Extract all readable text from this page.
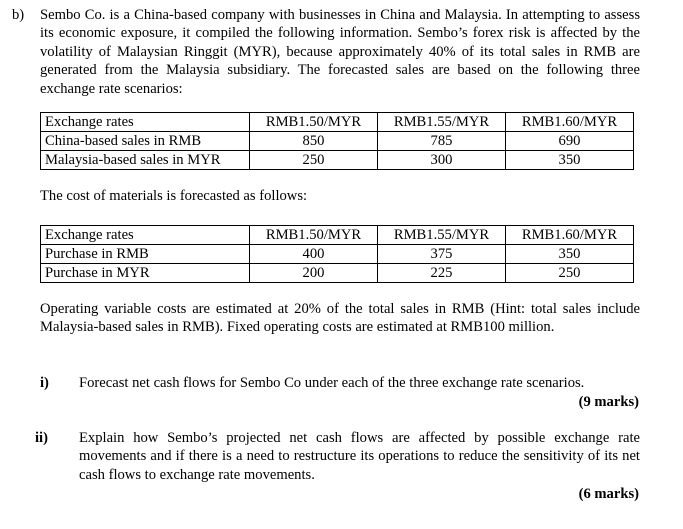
b) Sembo Co. is a China-based company with businesses in China and Malaysia. In attempting to assess its economic exposure, it compiled the following information. Sembo’s forex risk is affected by the volatility of Malaysian Ringgit (MYR), because approximately 40% of its total sales in RMB are generated from the Malaysia subsidiary. The forecasted sales are based on the following three exchange rate scenarios:
Exchange rates	RMB1.50/MYR	RMB1.55/MYR	RMB1.60/MYR
China-based sales in RMB	850	785	690
Malaysia-based sales in MYR	250	300	350
The cost of materials is forecasted as follows:
Exchange rates	RMB1.50/MYR	RMB1.55/MYR	RMB1.60/MYR
Purchase in RMB	400	375	350
Purchase in MYR	200	225	250
Operating variable costs are estimated at 20% of the total sales in RMB (Hint: total sales include Malaysia-based sales in RMB). Fixed operating costs are estimated at RMB100 million.
i) Forecast net cash flows for Sembo Co under each of the three exchange rate scenarios.
(9 marks)
ii) Explain how Sembo’s projected net cash flows are affected by possible exchange rate movements and if there is a need to restructure its operations to reduce the sensitivity of its net cash flows to exchange rate movements.
(6 marks)
